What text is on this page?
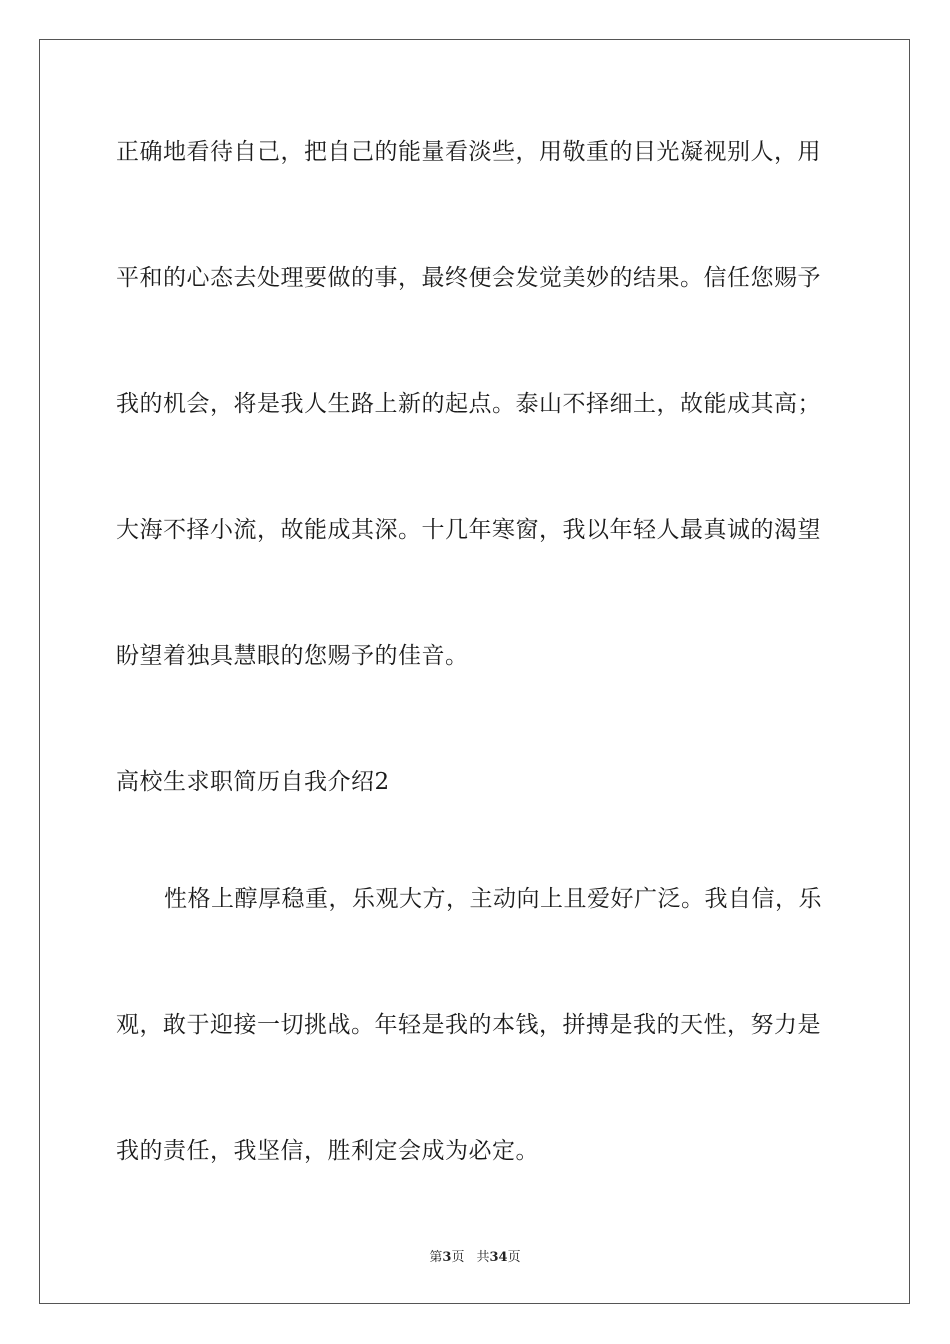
正确地看待自己，把自己的能量看淡些，用敬重的目光凝视别人，用
平和的心态去处理要做的事，最终便会发觉美妙的结果。信任您赐予
我的机会，将是我人生路上新的起点。泰山不择细土，故能成其高；
大海不择小流，故能成其深。十几年寒窗，我以年轻人最真诚的渴望
盼望着独具慧眼的您赐予的佳音。
高校生求职简历自我介绍2
性格上醇厚稳重，乐观大方，主动向上且爱好广泛。我自信，乐
观，敢于迎接一切挑战。年轻是我的本钱，拼搏是我的天性，努力是
我的责任，我坚信，胜利定会成为必定。
第3页 共34页
